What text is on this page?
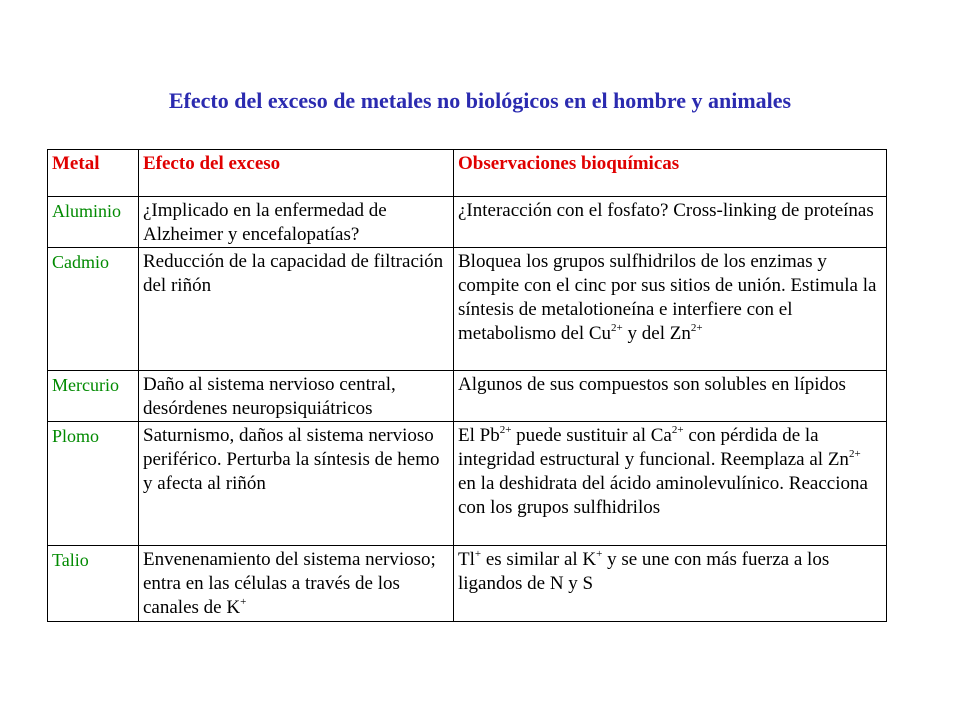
Efecto del exceso de metales no biológicos en el hombre y animales
Metal	Efecto del exceso	Observaciones bioquímicas
Aluminio	¿Implicado en la enfermedad de Alzheimer y encefalopatías?	¿Interacción con el fosfato? Cross-linking de proteínas
Cadmio	Reducción de la capacidad de filtración del riñón	Bloquea los grupos sulfhidrilos de los enzimas y compite con el cinc por sus sitios de unión. Estimula la síntesis de metalotioneína e interfiere con el metabolismo del $Cu^{2+}$ y del $Zn^{2+}$
Mercurio	Daño al sistema nervioso central, desórdenes neuropsiquiátricos	Algunos de sus compuestos son solubles en lípidos
Plomo	Saturnismo, daños al sistema nervioso periférico. Perturba la síntesis de hemo y afecta al riñón	El $Pb^{2+}$ puede sustituir al $Ca^{2+}$ con pérdida de la integridad estructural y funcional. Reemplaza al $Zn^{2+}$ en la deshidrata del ácido aminolevulínico. Reacciona con los grupos sulfhidrilos
Talio	Envenenamiento del sistema nervioso; entra en las células a través de los canales de K+	Tl+ es similar al K+ y se une con más fuerza a los ligandos de N y S
